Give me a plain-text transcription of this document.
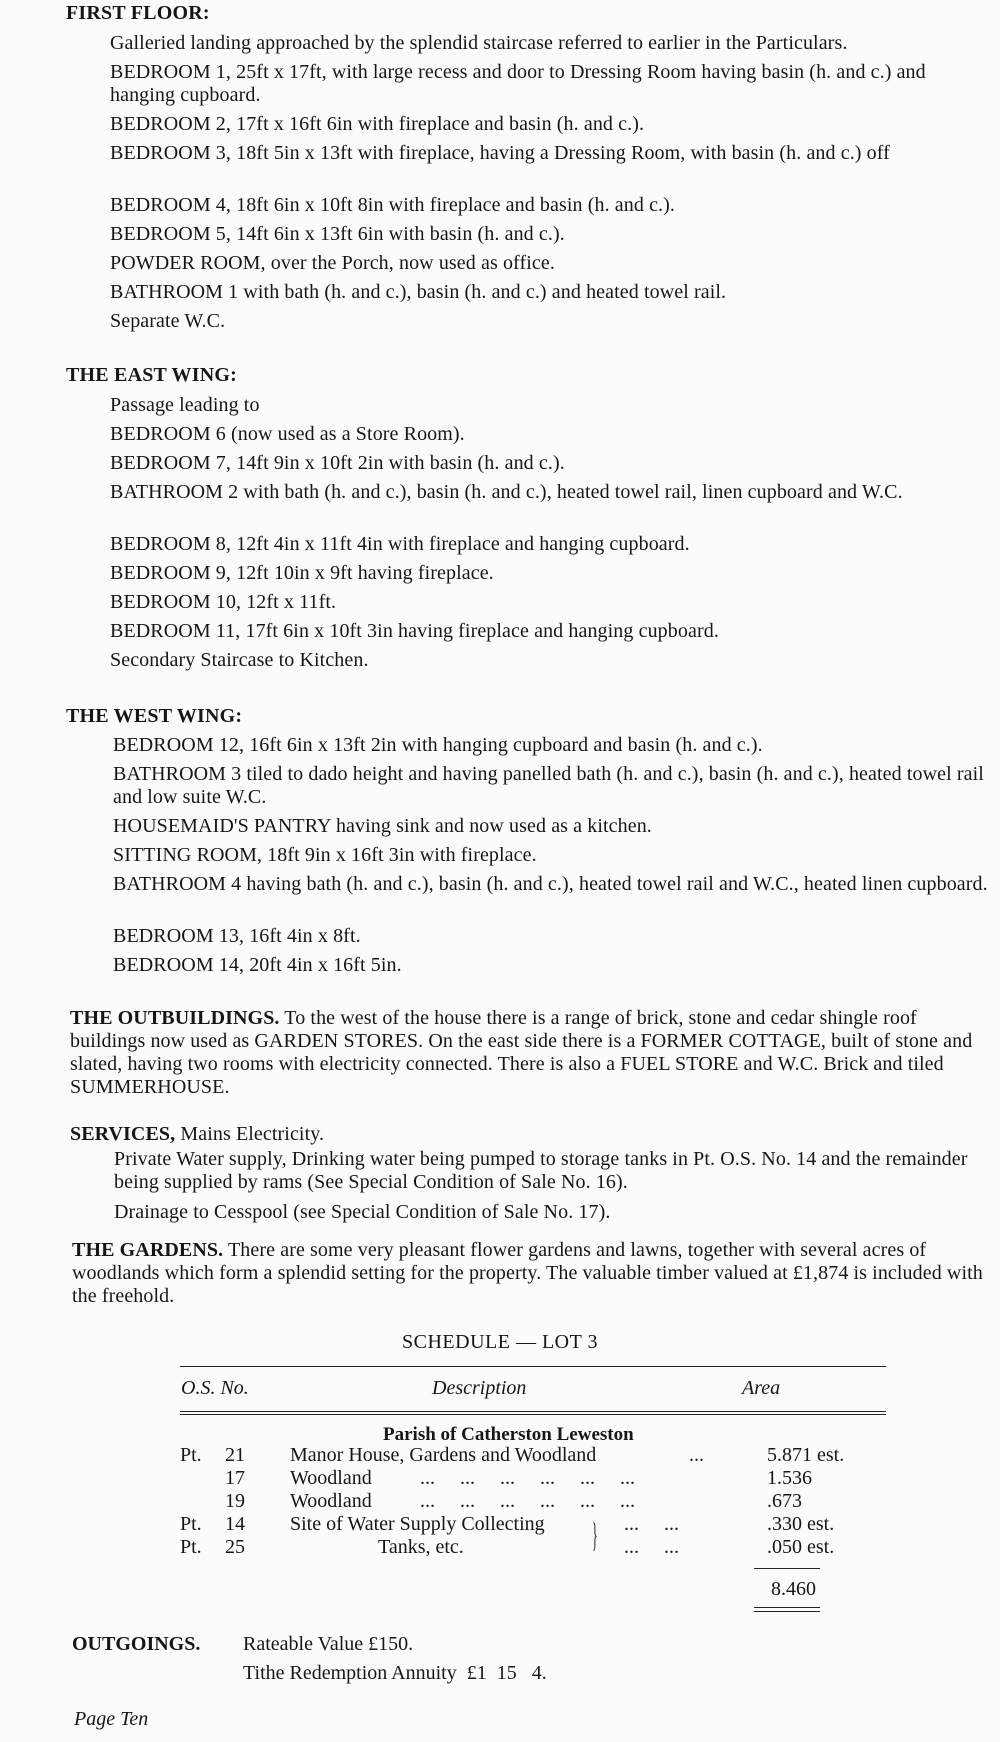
FIRST FLOOR:
Galleried landing approached by the splendid staircase referred to earlier in the Particulars.
BEDROOM 1, 25ft x 17ft, with large recess and door to Dressing Room having basin (h. and c.) and hanging cupboard.
BEDROOM 2, 17ft x 16ft 6in with fireplace and basin (h. and c.).
BEDROOM 3, 18ft 5in x 13ft with fireplace, having a Dressing Room, with basin (h. and c.) off
BEDROOM 4, 18ft 6in x 10ft 8in with fireplace and basin (h. and c.).
BEDROOM 5, 14ft 6in x 13ft 6in with basin (h. and c.).
POWDER ROOM, over the Porch, now used as office.
BATHROOM 1 with bath (h. and c.), basin (h. and c.) and heated towel rail.
Separate W.C.
THE EAST WING:
Passage leading to
BEDROOM 6 (now used as a Store Room).
BEDROOM 7, 14ft 9in x 10ft 2in with basin (h. and c.).
BATHROOM 2 with bath (h. and c.), basin (h. and c.), heated towel rail, linen cupboard and W.C.
BEDROOM 8, 12ft 4in x 11ft 4in with fireplace and hanging cupboard.
BEDROOM 9, 12ft 10in x 9ft having fireplace.
BEDROOM 10, 12ft x 11ft.
BEDROOM 11, 17ft 6in x 10ft 3in having fireplace and hanging cupboard.
Secondary Staircase to Kitchen.
THE WEST WING:
BEDROOM 12, 16ft 6in x 13ft 2in with hanging cupboard and basin (h. and c.).
BATHROOM 3 tiled to dado height and having panelled bath (h. and c.), basin (h. and c.), heated towel rail and low suite W.C.
HOUSEMAID'S PANTRY having sink and now used as a kitchen.
SITTING ROOM, 18ft 9in x 16ft 3in with fireplace.
BATHROOM 4 having bath (h. and c.), basin (h. and c.), heated towel rail and W.C., heated linen cupboard.
BEDROOM 13, 16ft 4in x 8ft.
BEDROOM 14, 20ft 4in x 16ft 5in.
THE OUTBUILDINGS. To the west of the house there is a range of brick, stone and cedar shingle roof buildings now used as GARDEN STORES. On the east side there is a FORMER COTTAGE, built of stone and slated, having two rooms with electricity connected. There is also a FUEL STORE and W.C. Brick and tiled SUMMERHOUSE.
SERVICES, Mains Electricity.
Private Water supply, Drinking water being pumped to storage tanks in Pt. O.S. No. 14 and the remainder being supplied by rams (See Special Condition of Sale No. 16).
Drainage to Cesspool (see Special Condition of Sale No. 17).
THE GARDENS. There are some very pleasant flower gardens and lawns, together with several acres of woodlands which form a splendid setting for the property. The valuable timber valued at £1,874 is included with the freehold.
SCHEDULE — LOT 3
O.S. No.	Description	Area
Parish of Catherston Leweston
Pt. 21 Manor House, Gardens and Woodland	...	5.871 est.
17 Woodland ...     ...     ...     ...     ...     ...	1.536
19 Woodland ...     ...     ...     ...     ...     ...	.673
Pt. 14 Site of Water Supply Collecting	...     ...	.330 est.
Pt. 25	Tanks, etc.	...     ...	.050 est.
}
8.460
OUTGOINGS. Rateable Value £150.
Tithe Redemption Annuity  £1  15   4.
Page Ten
